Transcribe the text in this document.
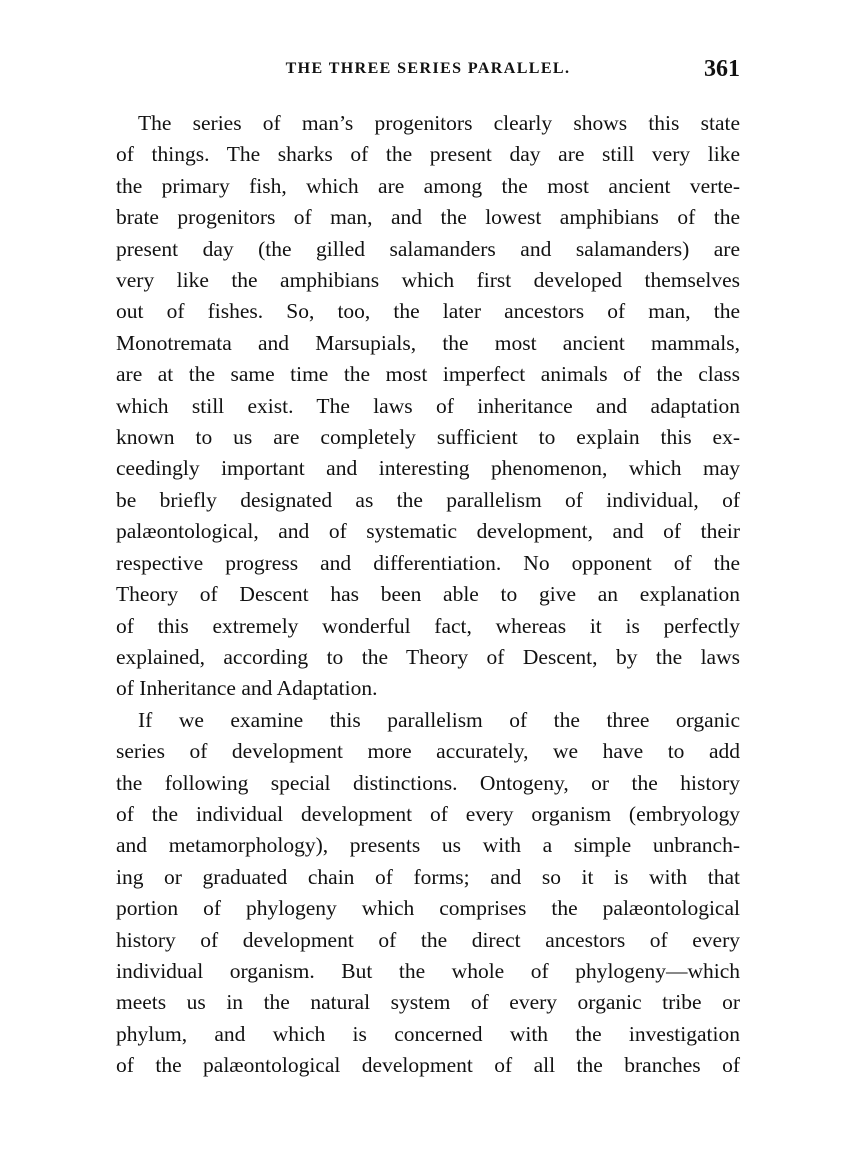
THE THREE SERIES PARALLEL.	361

The series of man’s progenitors clearly shows this state
of things. The sharks of the present day are still very like
the primary fish, which are among the most ancient verte-
brate progenitors of man, and the lowest amphibians of the
present day (the gilled salamanders and salamanders) are
very like the amphibians which first developed themselves
out of fishes. So, too, the later ancestors of man, the
Monotremata and Marsupials, the most ancient mammals,
are at the same time the most imperfect animals of the class
which still exist. The laws of inheritance and adaptation
known to us are completely sufficient to explain this ex-
ceedingly important and interesting phenomenon, which may
be briefly designated as the parallelism of individual, of
palæontological, and of systematic development, and of their
respective progress and differentiation. No opponent of the
Theory of Descent has been able to give an explanation
of this extremely wonderful fact, whereas it is perfectly
explained, according to the Theory of Descent, by the laws
of Inheritance and Adaptation.

If we examine this parallelism of the three organic
series of development more accurately, we have to add
the following special distinctions. Ontogeny, or the history
of the individual development of every organism (embryology
and metamorphology), presents us with a simple unbranch-
ing or graduated chain of forms; and so it is with that
portion of phylogeny which comprises the palæontological
history of development of the direct ancestors of every
individual organism. But the whole of phylogeny—which
meets us in the natural system of every organic tribe or
phylum, and which is concerned with the investigation
of the palæontological development of all the branches of
